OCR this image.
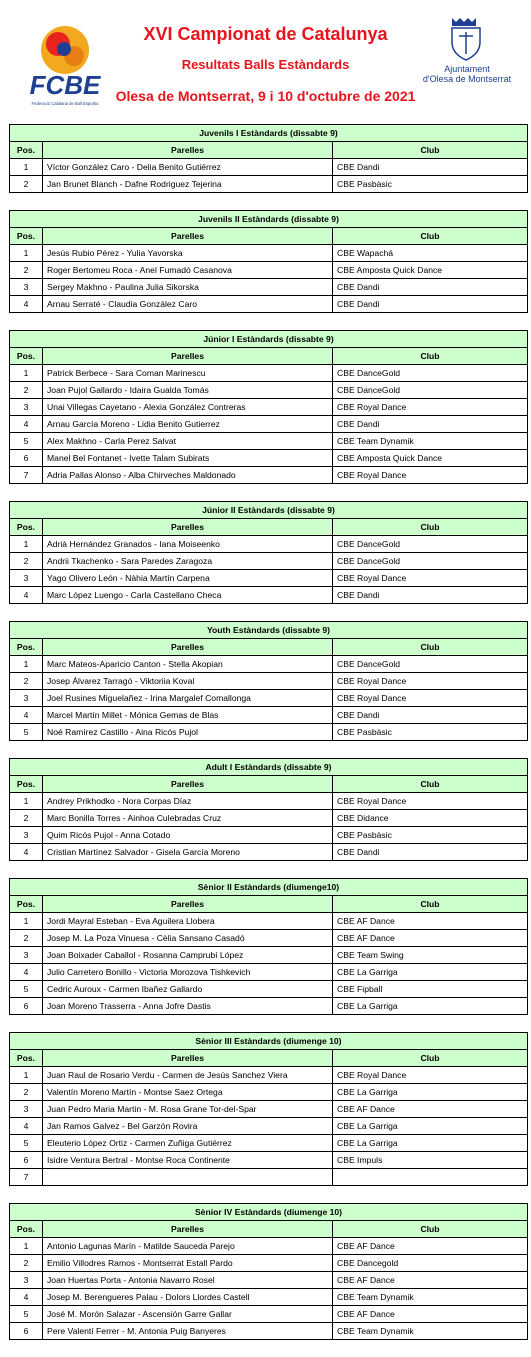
FCBE
Federació Catalana de Ball Esportiu
XVI Campionat de Catalunya
Resultats Balls Estàndards
Olesa de Montserrat, 9 i 10 d'octubre de 2021
Ajuntament
d'Olesa de Montserrat
Juvenils I Estàndards (dissabte 9)		
Pos.	Parelles	Club
1	Víctor González Caro - Delia Benito Gutiérrez	CBE Dandi
2	Jan Brunet Blanch - Dafne Rodriguez Tejerina	CBE Pasbàsic
Juvenils II Estàndards (dissabte 9)		
Pos.	Parelles	Club
1	Jesús Rubio Pérez - Yulia Yavorska	CBE Wapachá
2	Roger Bertomeu Roca - Anel Fumadó Casanova	CBE Amposta Quick Dance
3	Sergey Makhno - Paulina Julia Sikorska	CBE Dandi
4	Arnau Serraté - Claudia González Caro	CBE Dandi
Júnior I Estàndards (dissabte 9)		
Pos.	Parelles	Club
1	Patrick Berbece - Sara Coman Marinescu	CBE DanceGold
2	Joan Pujol Gallardo - Idaira Gualda Tomás	CBE DanceGold
3	Unai Villegas Cayetano - Alexia González Contreras	CBE Royal Dance
4	Arnau García Moreno - Lidia Benito Gutierrez	CBE Dandi
5	Alex Makhno - Carla Perez Salvat	CBE Team Dynamik
6	Manel Bel Fontanet - Ivette Talam Subirats	CBE Amposta Quick Dance
7	Adria Pallas Alonso - Alba Chirveches Maldonado	CBE Royal Dance
Júnior II Estàndards (dissabte 9)		
Pos.	Parelles	Club
1	Adrià Hernández Granados - Iana Moiseenko	CBE DanceGold
2	Andrii Tkachenko - Sara Paredes Zaragoza	CBE DanceGold
3	Yago Olivero León - Nàhia Martín Carpena	CBE Royal Dance
4	Marc López Luengo - Carla Castellano Checa	CBE Dandi
Youth Estàndards (dissabte 9)		
Pos.	Parelles	Club
1	Marc Mateos-Aparicio Canton - Stella Akopian	CBE DanceGold
2	Josep Álvarez Tarragó - Viktoriia Koval	CBE Royal Dance
3	Joel Rusines Miguelañez - Irina Margalef Comallonga	CBE Royal Dance
4	Marcel Martín Millet - Mónica Gemas de Blas	CBE Dandi
5	Noé Ramírez Castillo - Aina Ricós Pujol	CBE Pasbàsic
Adult I Estàndards (dissabte 9)		
Pos.	Parelles	Club
1	Andrey Prikhodko - Nora Corpas Díaz	CBE Royal Dance
2	Marc Bonilla Torres - Ainhoa Culebradas Cruz	CBE Didance
3	Quim Ricós Pujol - Anna Cotado	CBE Pasbàsic
4	Cristian Martínez Salvador - Gisela García Moreno	CBE Dandi
Sènior II Estàndards (diumenge10)		
Pos.	Parelles	Club
1	Jordi Mayral Esteban - Eva Aguilera Llobera	CBE AF Dance
2	Josep M. La Poza Vinuesa - Cèlia Sansano Casadó	CBE AF Dance
3	Joan Boixader Caballol - Rosanna Camprubí López	CBE Team Swing
4	Julio Carretero Bonillo - Victoria Morozova Tishkevich	CBE La Garriga
5	Cedric Auroux - Carmen Ibañez Gallardo	CBE Fipball
6	Joan Moreno Trasserra - Anna Jofre Dastis	CBE La Garriga
Sènior III Estàndards (diumenge 10)		
Pos.	Parelles	Club
1	Juan Raul de Rosario Verdu - Carmen de Jesús Sanchez Viera	CBE Royal Dance
2	Valentín Moreno Martín - Montse Saez Ortega	CBE La Garriga
3	Juan Pedro Maria Martin - M. Rosa Grane Tor-del-Spar	CBE AF Dance
4	Jan Ramos Galvez - Bel Garzón Rovira	CBE La Garriga
5	Eleuterio López Ortiz - Carmen Zuñiga Gutiérrez	CBE La Garriga
6	Isidre Ventura Bertral - Montse Roca Continente	CBE Impuls
7		
Sènior IV Estàndards (diumenge 10)		
Pos.	Parelles	Club
1	Antonio Lagunas Marín - Matilde Sauceda Parejo	CBE AF Dance
2	Emilio Villodres Ramos - Montserrat Estall Pardo	CBE Dancegold
3	Joan Huertas Porta - Antonia Navarro Rosel	CBE AF Dance
4	Josep M. Berengueres Palau - Dolors Llordes Castell	CBE Team Dynamik
5	José M. Morón Salazar - Ascensión Garre Gallar	CBE AF Dance
6	Pere Valentí Ferrer - M. Antonia Puig Banyeres	CBE Team Dynamik
